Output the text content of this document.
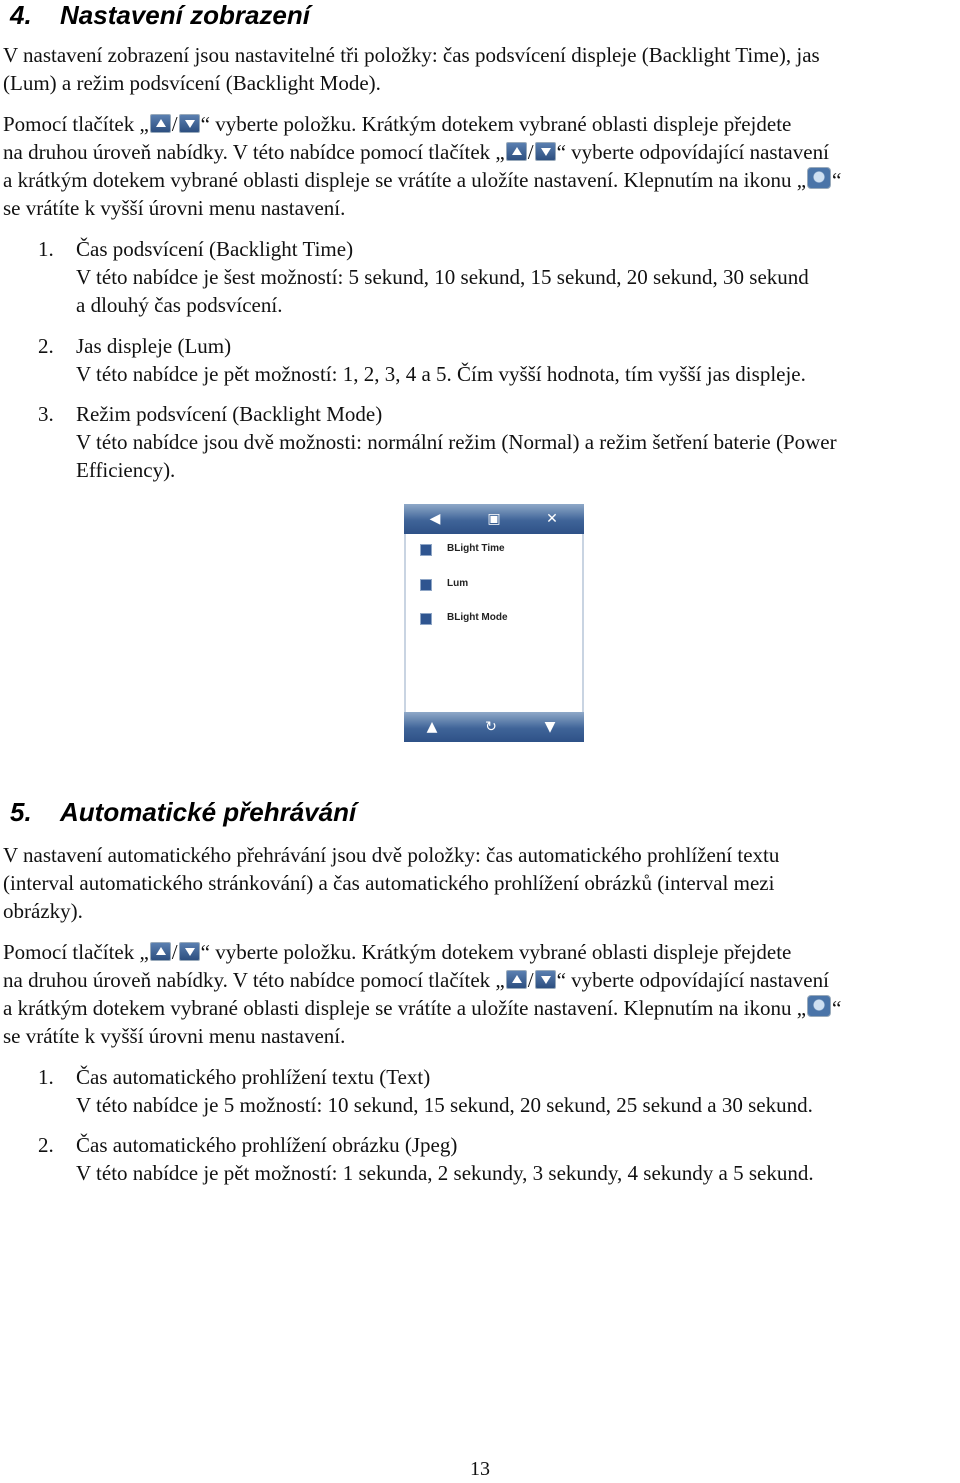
4. Nastavení zobrazení
V nastavení zobrazení jsou nastavitelné tři položky: čas podsvícení displeje (Backlight Time), jas
(Lum) a režim podsvícení (Backlight Mode).
Pomocí tlačítek „ / “ vyberte položku. Krátkým dotekem vybrané oblasti displeje přejdete
na druhou úroveň nabídky. V této nabídce pomocí tlačítek „ / “ vyberte odpovídající nastavení
a krátkým dotekem vybrané oblasti displeje se vrátíte a uložíte nastavení. Klepnutím na ikonu „ “
se vrátíte k vyšší úrovni menu nastavení.
1. Čas podsvícení (Backlight Time)
V této nabídce je šest možností: 5 sekund, 10 sekund, 15 sekund, 20 sekund, 30 sekund
a dlouhý čas podsvícení.
2. Jas displeje (Lum)
V této nabídce je pět možností: 1, 2, 3, 4 a 5. Čím vyšší hodnota, tím vyšší jas displeje.
3. Režim podsvícení (Backlight Mode)
V této nabídce jsou dvě možnosti: normální režim (Normal) a režim šetření baterie (Power
Efficiency).
◀	▣	✕
BLight Time
Lum
BLight Mode
▲	↻	▼
5. Automatické přehrávání
V nastavení automatického přehrávání jsou dvě položky: čas automatického prohlížení textu
(interval automatického stránkování) a čas automatického prohlížení obrázků (interval mezi
obrázky).
Pomocí tlačítek „ / “ vyberte položku. Krátkým dotekem vybrané oblasti displeje přejdete
na druhou úroveň nabídky. V této nabídce pomocí tlačítek „ / “ vyberte odpovídající nastavení
a krátkým dotekem vybrané oblasti displeje se vrátíte a uložíte nastavení. Klepnutím na ikonu „ “
se vrátíte k vyšší úrovni menu nastavení.
1. Čas automatického prohlížení textu (Text)
V této nabídce je 5 možností: 10 sekund, 15 sekund, 20 sekund, 25 sekund a 30 sekund.
2. Čas automatického prohlížení obrázku (Jpeg)
V této nabídce je pět možností: 1 sekunda, 2 sekundy, 3 sekundy, 4 sekundy a 5 sekund.
13
